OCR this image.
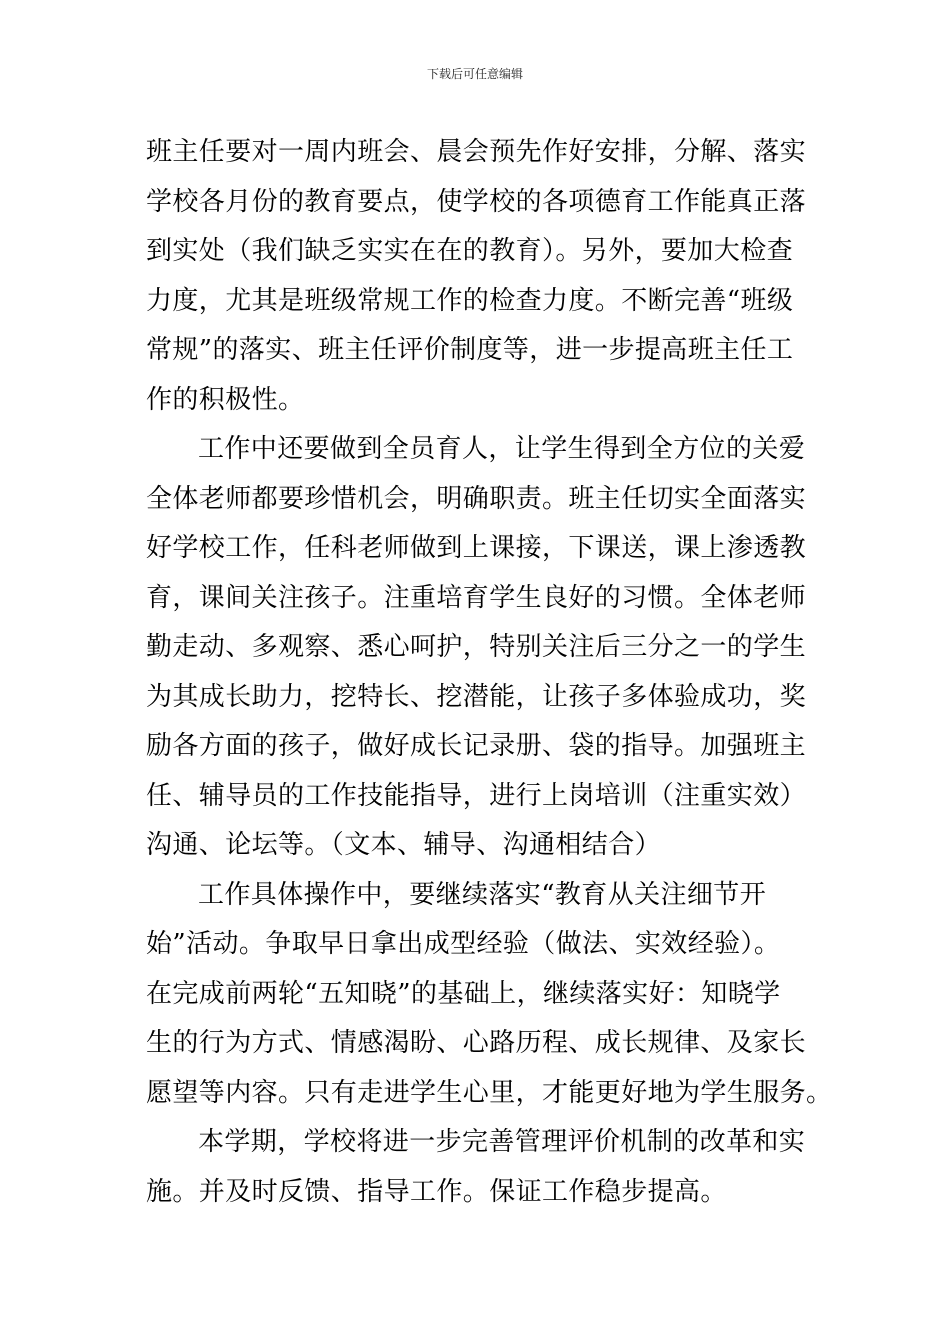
下载后可任意编辑
班主任要对一周内班会、晨会预先作好安排，分解、落实
学校各月份的教育要点，使学校的各项德育工作能真正落
到实处（我们缺乏实实在在的教育）。另外，要加大检查
力度，尤其是班级常规工作的检查力度。不断完善“班级
常规”的落实、班主任评价制度等，进一步提高班主任工
作的积极性。
工作中还要做到全员育人，让学生得到全方位的关爱
全体老师都要珍惜机会，明确职责。班主任切实全面落实
好学校工作，任科老师做到上课接，下课送，课上渗透教
育，课间关注孩子。注重培育学生良好的习惯。全体老师
勤走动、多观察、悉心呵护，特别关注后三分之一的学生
为其成长助力，挖特长、挖潜能，让孩子多体验成功，奖
励各方面的孩子，做好成长记录册、袋的指导。加强班主
任、辅导员的工作技能指导，进行上岗培训（注重实效）
沟通、论坛等。（文本、辅导、沟通相结合）
工作具体操作中，要继续落实“教育从关注细节开
始”活动。争取早日拿出成型经验（做法、实效经验）。
在完成前两轮“五知晓”的基础上，继续落实好：知晓学
生的行为方式、情感渴盼、心路历程、成长规律、及家长
愿望等内容。只有走进学生心里，才能更好地为学生服务。
本学期，学校将进一步完善管理评价机制的改革和实
施。并及时反馈、指导工作。保证工作稳步提高。
